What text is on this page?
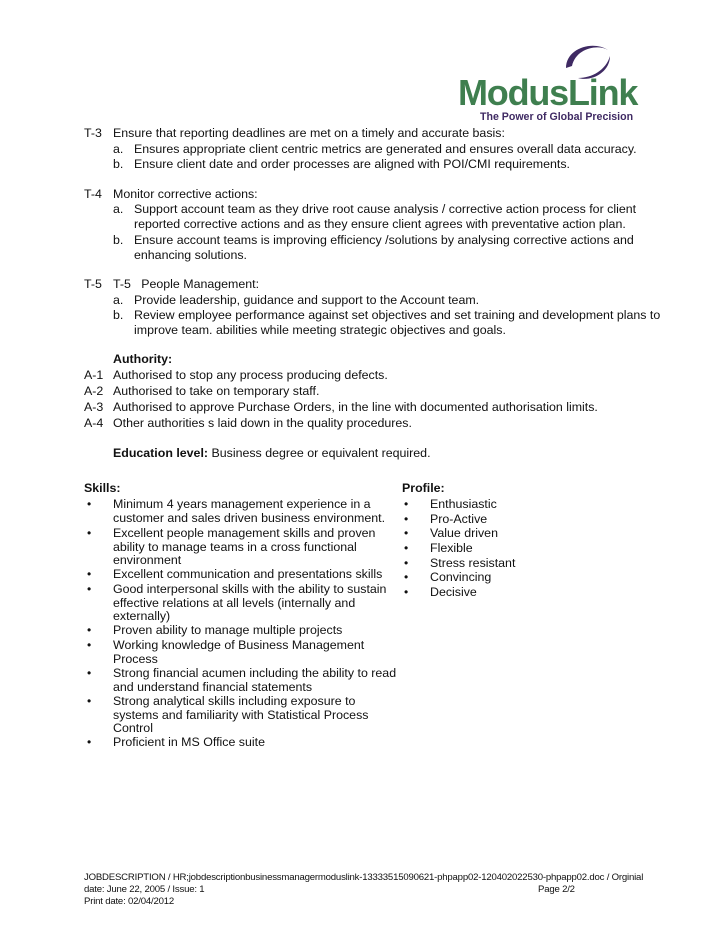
ModusLink
The Power of Global Precision
T-3 Ensure that reporting deadlines are met on a timely and accurate basis:
a. Ensures appropriate client centric metrics are generated and ensures overall data accuracy.
b. Ensure client date and order processes are aligned with POI/CMI requirements.
T-4 Monitor corrective actions:
a. Support account team as they drive root cause analysis / corrective action process for client
reported corrective actions and as they ensure client agrees with preventative action plan.
b. Ensure account teams is improving efficiency /solutions by analysing corrective actions and
enhancing solutions.
T-5 T-5   People Management:
a. Provide leadership, guidance and support to the Account team.
b. Review employee performance against set objectives and set training and development plans to
improve team. abilities while meeting strategic objectives and goals.
Authority:
A-1 Authorised to stop any process producing defects.
A-2 Authorised to take on temporary staff.
A-3 Authorised to approve Purchase Orders, in the line with documented authorisation limits.
A-4 Other authorities s laid down in the quality procedures.
Education level: Business degree or equivalent required.
Skills:
• Minimum 4 years management experience in a
customer and sales driven business environment.
• Excellent people management skills and proven
ability to manage teams in a cross functional
environment
• Excellent communication and presentations skills
• Good interpersonal skills with the ability to sustain
effective relations at all levels (internally and
externally)
• Proven ability to manage multiple projects
• Working knowledge of Business Management
Process
• Strong financial acumen including the ability to read
and understand financial statements
• Strong analytical skills including exposure to
systems and familiarity with Statistical Process
Control
• Proficient in MS Office suite
Profile:
• Enthusiastic
• Pro-Active
• Value driven
• Flexible
• Stress resistant
• Convincing
• Decisive
JOBDESCRIPTION / HR;jobdescriptionbusinessmanagermoduslink-13333515090621-phpapp02-120402022530-phpapp02.doc / Orginial
date: June 22, 2005 / Issue: 1	Page 2/2
Print date: 02/04/2012
